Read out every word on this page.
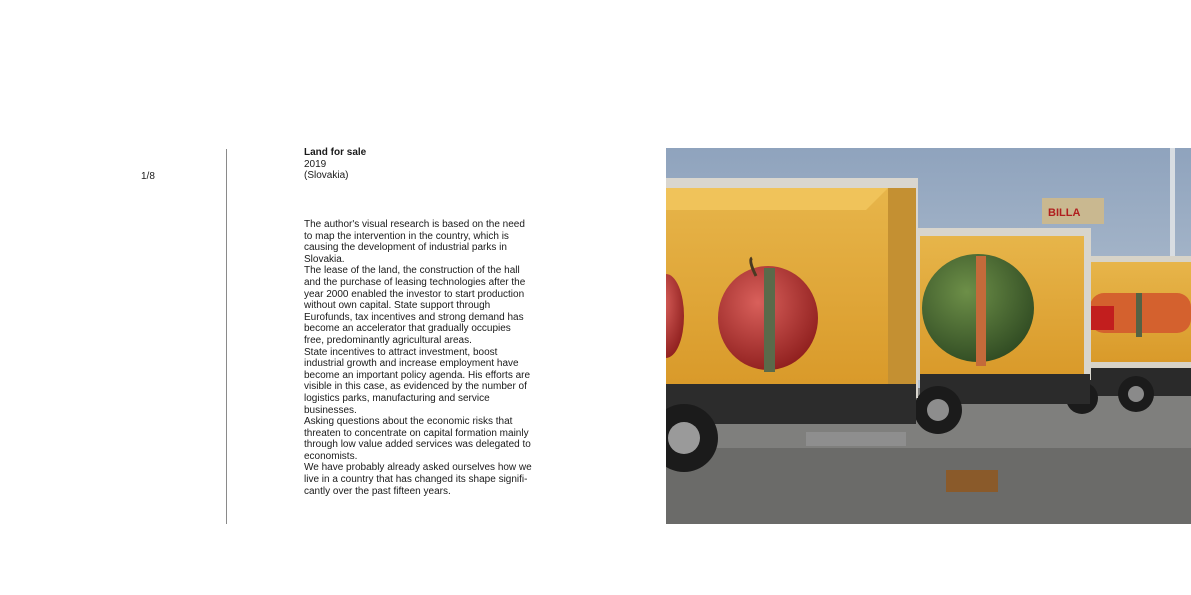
1/8
Land for sale
2019
(Slovakia)

The author's visual research is based on the need to map the intervention in the country, which is causing the development of industrial parks in Slovakia.

The lease of the land, the construction of the hall and the purchase of leasing technologies after the year 2000 enabled the investor to start production without own capital. State support through Eurofunds, tax incentives and strong demand has become an accelerator that gradually occupies free, predominantly agricultural areas.

State incentives to attract investment, boost industrial growth and increase employment have become an important policy agenda. His efforts are visible in this case, as evidenced by the number of logistics parks, manufacturing and service businesses.

Asking questions about the economic risks that threaten to concentrate on capital formation mainly through low value added services was delegated to economists.

We have probably already asked ourselves how we live in a country that has changed its shape signifi- cantly over the past fifteen years.

BILLA
